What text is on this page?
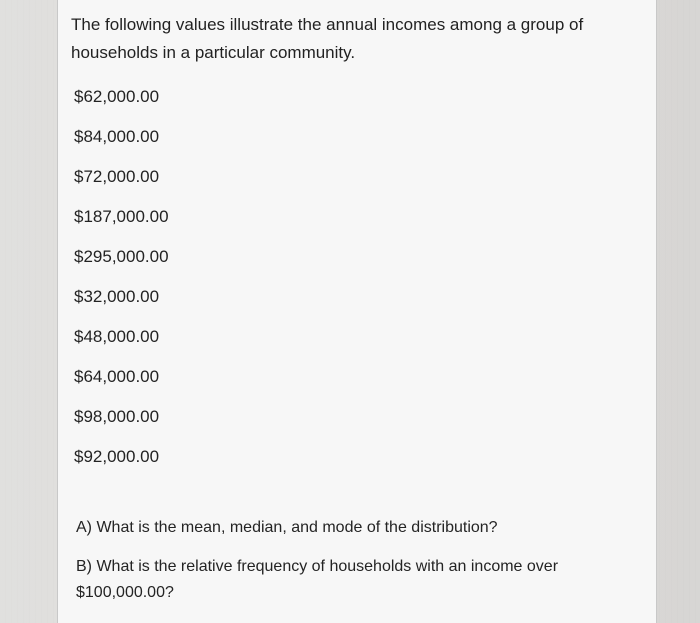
The following values illustrate the annual incomes among a group of households in a particular community.

$62,000.00
$84,000.00
$72,000.00
$187,000.00
$295,000.00
$32,000.00
$48,000.00
$64,000.00
$98,000.00
$92,000.00

A) What is the mean, median, and mode of the distribution?

B) What is the relative frequency of households with an income over $100,000.00?
